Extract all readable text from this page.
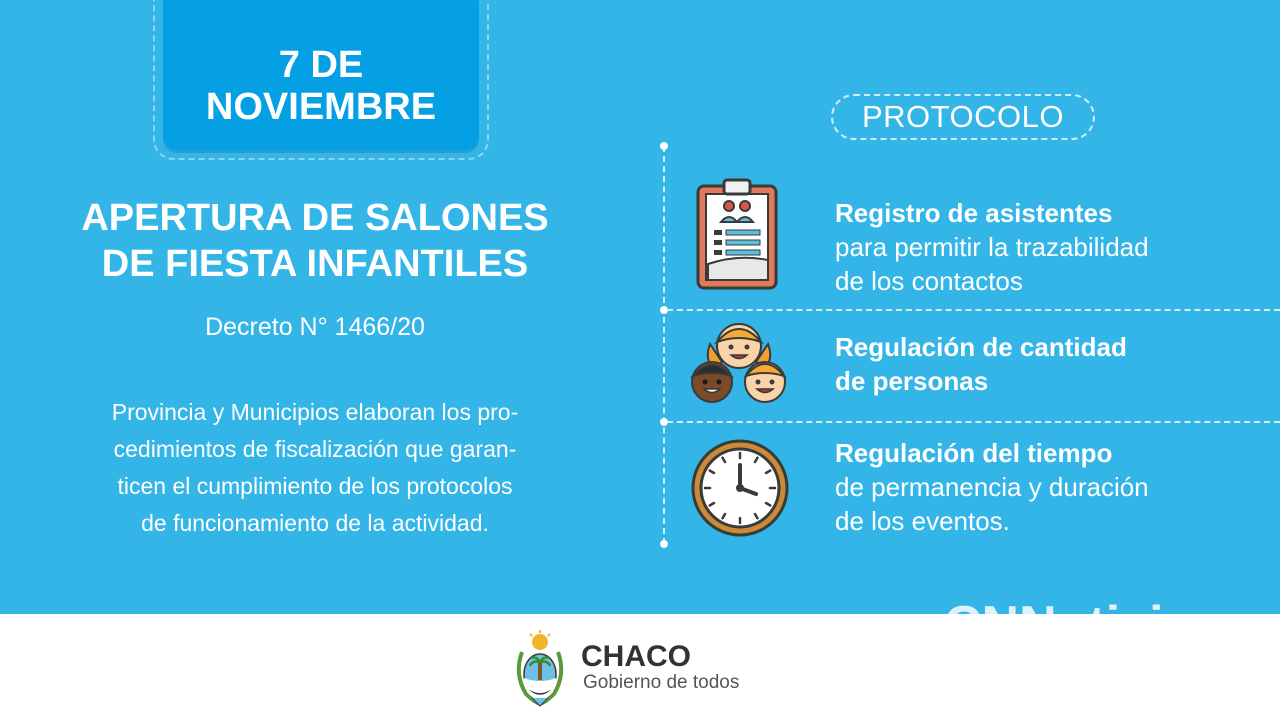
7 DE
NOVIEMBRE
APERTURA DE SALONES
DE FIESTA INFANTILES
Decreto N° 1466/20
Provincia y Municipios elaboran los pro-
cedimientos de fiscalización que garan-
ticen el cumplimiento de los protocolos
de funcionamiento de la actividad.
PROTOCOLO
Registro de asistentes
para permitir la trazabilidad
de los contactos
Regulación de cantidad
de personas
Regulación del tiempo
de permanencia y duración
de los eventos.
CHACO
Gobierno de todos
